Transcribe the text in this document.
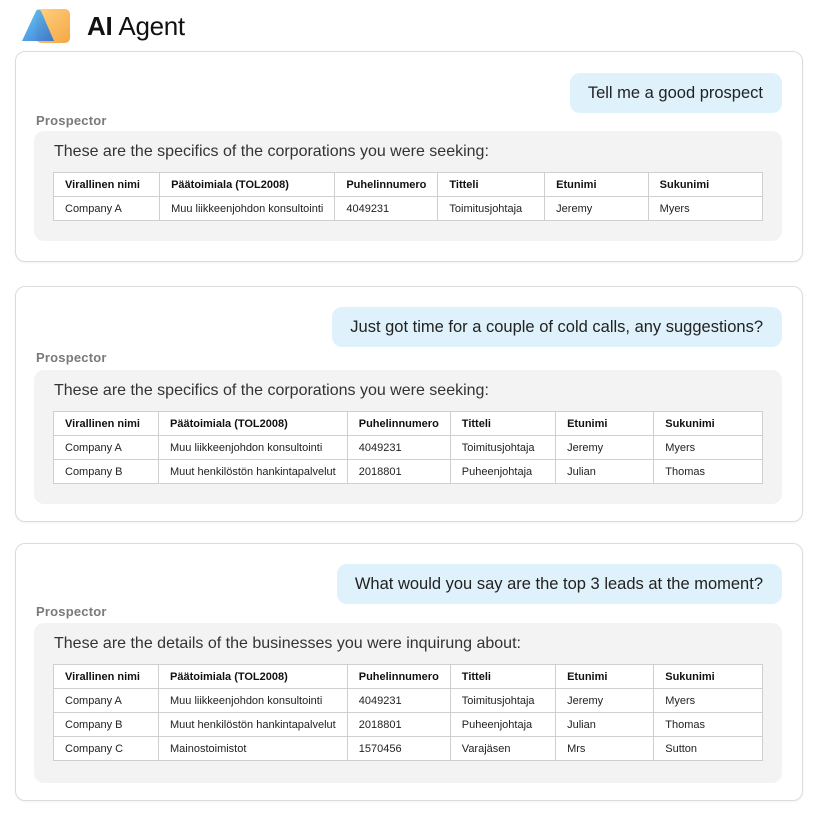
AI Agent
Tell me a good prospect
Prospector
These are the specifics of the corporations you were seeking:
Virallinen nimi	Päätoimiala (TOL2008)	Puhelinnumero	Titteli	Etunimi	Sukunimi
Company A	Muu liikkeenjohdon konsultointi	4049231	Toimitusjohtaja	Jeremy	Myers
Just got time for a couple of cold calls, any suggestions?
Prospector
These are the specifics of the corporations you were seeking:
Virallinen nimi	Päätoimiala (TOL2008)	Puhelinnumero	Titteli	Etunimi	Sukunimi
Company A	Muu liikkeenjohdon konsultointi	4049231	Toimitusjohtaja	Jeremy	Myers
Company B	Muut henkilöstön hankintapalvelut	2018801	Puheenjohtaja	Julian	Thomas
What would you say are the top 3 leads at the moment?
Prospector
These are the details of the businesses you were inquirung about:
Virallinen nimi	Päätoimiala (TOL2008)	Puhelinnumero	Titteli	Etunimi	Sukunimi
Company A	Muu liikkeenjohdon konsultointi	4049231	Toimitusjohtaja	Jeremy	Myers
Company B	Muut henkilöstön hankintapalvelut	2018801	Puheenjohtaja	Julian	Thomas
Company C	Mainostoimistot	1570456	Varajäsen	Mrs	Sutton
